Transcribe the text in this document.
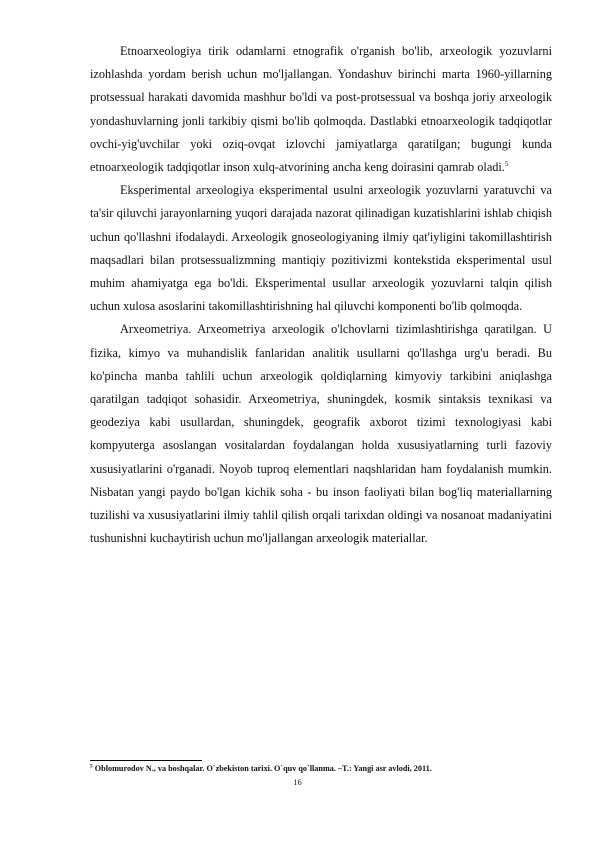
Etnoarxeologiya tirik odamlarni etnografik o'rganish bo'lib, arxeologik yozuvlarni izohlashda yordam berish uchun mo'ljallangan. Yondashuv birinchi marta 1960-yillarning protsessual harakati davomida mashhur bo'ldi va post-protsessual va boshqa joriy arxeologik yondashuvlarning jonli tarkibiy qismi bo'lib qolmoqda. Dastlabki etnoarxeologik tadqiqotlar ovchi-yig'uvchilar yoki oziq-ovqat izlovchi jamiyatlarga qaratilgan; bugungi kunda etnoarxeologik tadqiqotlar inson xulq-atvorining ancha keng doirasini qamrab oladi.$^5$

Eksperimental arxeologiya eksperimental usulni arxeologik yozuvlarni yaratuvchi va ta'sir qiluvchi jarayonlarning yuqori darajada nazorat qilinadigan kuzatishlarini ishlab chiqish uchun qo'llashni ifodalaydi. Arxeologik gnoseologiyaning ilmiy qat'iyligini takomillashtirish maqsadlari bilan protsessualizmning mantiqiy pozitivizmi kontekstida eksperimental usul muhim ahamiyatga ega bo'ldi. Eksperimental usullar arxeologik yozuvlarni talqin qilish uchun xulosa asoslarini takomillashtirishning hal qiluvchi komponenti bo'lib qolmoqda.

Arxeometriya. Arxeometriya arxeologik o'lchovlarni tizimlashtirishga qaratilgan. U fizika, kimyo va muhandislik fanlaridan analitik usullarni qo'llashga urg'u beradi. Bu ko'pincha manba tahlili uchun arxeologik qoldiqlarning kimyoviy tarkibini aniqlashga qaratilgan tadqiqot sohasidir. Arxeometriya, shuningdek, kosmik sintaksis texnikasi va geodeziya kabi usullardan, shuningdek, geografik axborot tizimi texnologiyasi kabi kompyuterga asoslangan vositalardan foydalangan holda xususiyatlarning turli fazoviy xususiyatlarini o'rganadi. Noyob tuproq elementlari naqshlaridan ham foydalanish mumkin. Nisbatan yangi paydo bo'lgan kichik soha - bu inson faoliyati bilan bog'liq materiallarning tuzilishi va xususiyatlarini ilmiy tahlil qilish orqali tarixdan oldingi va nosanoat madaniyatini tushunishni kuchaytirish uchun mo'ljallangan arxeologik materiallar.

$^5$ Oblomurodov N., va boshqalar. O`zbekiston tarixi. O`quv qo`llanma. –T.: Yangi asr avlodi, 2011.
16
